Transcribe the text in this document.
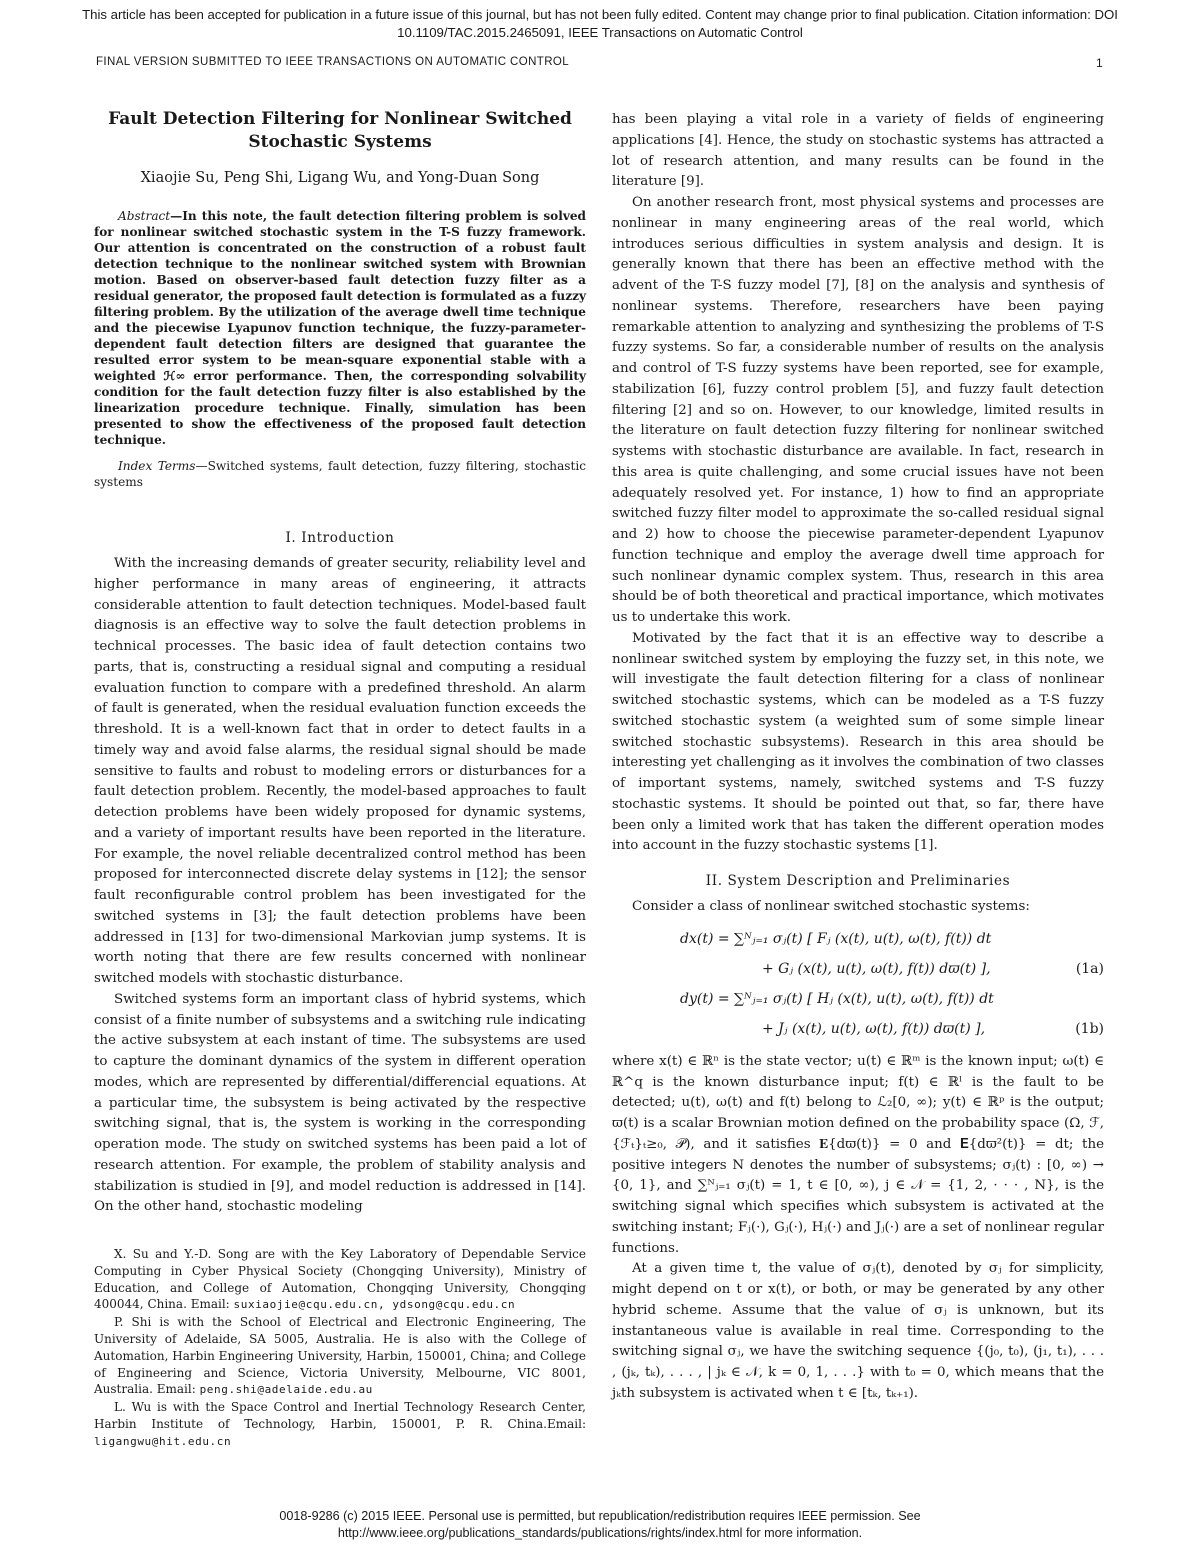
This article has been accepted for publication in a future issue of this journal, but has not been fully edited. Content may change prior to final publication. Citation information: DOI
10.1109/TAC.2015.2465091, IEEE Transactions on Automatic Control
FINAL VERSION SUBMITTED TO IEEE TRANSACTIONS ON AUTOMATIC CONTROL	1
Fault Detection Filtering for Nonlinear Switched
Stochastic Systems
Xiaojie Su, Peng Shi, Ligang Wu, and Yong-Duan Song

Abstract—In this note, the fault detection filtering problem is solved for nonlinear switched stochastic system in the T-S fuzzy framework. Our attention is concentrated on the construction of a robust fault detection technique to the nonlinear switched system with Brownian motion. Based on observer-based fault detection fuzzy filter as a residual generator, the proposed fault detection is formulated as a fuzzy filtering problem. By the utilization of the average dwell time technique and the piecewise Lyapunov function technique, the fuzzy-parameter-dependent fault detection filters are designed that guarantee the resulted error system to be mean-square exponential stable with a weighted ℋ∞ error performance. Then, the corresponding solvability condition for the fault detection fuzzy filter is also established by the linearization procedure technique. Finally, simulation has been presented to show the effectiveness of the proposed fault detection technique.

Index Terms—Switched systems, fault detection, fuzzy filtering, stochastic systems

I. Introduction

With the increasing demands of greater security, reliability level and higher performance in many areas of engineering, it attracts considerable attention to fault detection techniques. Model-based fault diagnosis is an effective way to solve the fault detection problems in technical processes. The basic idea of fault detection contains two parts, that is, constructing a residual signal and computing a residual evaluation function to compare with a predefined threshold. An alarm of fault is generated, when the residual evaluation function exceeds the threshold. It is a well-known fact that in order to detect faults in a timely way and avoid false alarms, the residual signal should be made sensitive to faults and robust to modeling errors or disturbances for a fault detection problem. Recently, the model-based approaches to fault detection problems have been widely proposed for dynamic systems, and a variety of important results have been reported in the literature. For example, the novel reliable decentralized control method has been proposed for interconnected discrete delay systems in [12]; the sensor fault reconfigurable control problem has been investigated for the switched systems in [3]; the fault detection problems have been addressed in [13] for two-dimensional Markovian jump systems. It is worth noting that there are few results concerned with nonlinear switched models with stochastic disturbance.

Switched systems form an important class of hybrid systems, which consist of a finite number of subsystems and a switching rule indicating the active subsystem at each instant of time. The subsystems are used to capture the dominant dynamics of the system in different operation modes, which are represented by differential/differencial equations. At a particular time, the subsystem is being activated by the respective switching signal, that is, the system is working in the corresponding operation mode. The study on switched systems has been paid a lot of research attention. For example, the problem of stability analysis and stabilization is studied in [9], and model reduction is addressed in [14]. On the other hand, stochastic modeling

X. Su and Y.-D. Song are with the Key Laboratory of Dependable Service Computing in Cyber Physical Society (Chongqing University), Ministry of Education, and College of Automation, Chongqing University, Chongqing 400044, China. Email: suxiaojie@cqu.edu.cn, ydsong@cqu.edu.cn

P. Shi is with the School of Electrical and Electronic Engineering, The University of Adelaide, SA 5005, Australia. He is also with the College of Automation, Harbin Engineering University, Harbin, 150001, China; and College of Engineering and Science, Victoria University, Melbourne, VIC 8001, Australia. Email: peng.shi@adelaide.edu.au

L. Wu is with the Space Control and Inertial Technology Research Center, Harbin Institute of Technology, Harbin, 150001, P. R. China.Email: ligangwu@hit.edu.cn

has been playing a vital role in a variety of fields of engineering applications [4]. Hence, the study on stochastic systems has attracted a lot of research attention, and many results can be found in the literature [9].

On another research front, most physical systems and processes are nonlinear in many engineering areas of the real world, which introduces serious difficulties in system analysis and design. It is generally known that there has been an effective method with the advent of the T-S fuzzy model [7], [8] on the analysis and synthesis of nonlinear systems. Therefore, researchers have been paying remarkable attention to analyzing and synthesizing the problems of T-S fuzzy systems. So far, a considerable number of results on the analysis and control of T-S fuzzy systems have been reported, see for example, stabilization [6], fuzzy control problem [5], and fuzzy fault detection filtering [2] and so on. However, to our knowledge, limited results in the literature on fault detection fuzzy filtering for nonlinear switched systems with stochastic disturbance are available. In fact, research in this area is quite challenging, and some crucial issues have not been adequately resolved yet. For instance, 1) how to find an appropriate switched fuzzy filter model to approximate the so-called residual signal and 2) how to choose the piecewise parameter-dependent Lyapunov function technique and employ the average dwell time approach for such nonlinear dynamic complex system. Thus, research in this area should be of both theoretical and practical importance, which motivates us to undertake this work.

Motivated by the fact that it is an effective way to describe a nonlinear switched system by employing the fuzzy set, in this note, we will investigate the fault detection filtering for a class of nonlinear switched stochastic systems, which can be modeled as a T-S fuzzy switched stochastic system (a weighted sum of some simple linear switched stochastic subsystems). Research in this area should be interesting yet challenging as it involves the combination of two classes of important systems, namely, switched systems and T-S fuzzy stochastic systems. It should be pointed out that, so far, there have been only a limited work that has taken the different operation modes into account in the fuzzy stochastic systems [1].

II. System Description and Preliminaries

Consider a class of nonlinear switched stochastic systems:

dx(t) = ∑ᴺⱼ₌₁ σⱼ(t) [ Fⱼ (x(t), u(t), ω(t), f(t)) dt
+ Gⱼ (x(t), u(t), ω(t), f(t)) dϖ(t) ],	(1a)
dy(t) = ∑ᴺⱼ₌₁ σⱼ(t) [ Hⱼ (x(t), u(t), ω(t), f(t)) dt
+ Jⱼ (x(t), u(t), ω(t), f(t)) dϖ(t) ],	(1b)

where x(t) ∈ ℝⁿ is the state vector; u(t) ∈ ℝᵐ is the known input; ω(t) ∈ ℝ^q is the known disturbance input; f(t) ∈ ℝˡ is the fault to be detected; u(t), ω(t) and f(t) belong to ℒ₂[0, ∞); y(t) ∈ ℝᵖ is the output; ϖ(t) is a scalar Brownian motion defined on the probability space (Ω, ℱ, {ℱₜ}ₜ≥₀, 𝒫), and it satisfies 𝐄{dϖ(t)} = 0 and 𝐄{dϖ²(t)} = dt; the positive integers N denotes the number of subsystems; σⱼ(t) : [0, ∞) → {0, 1}, and ∑ᴺⱼ₌₁ σⱼ(t) = 1, t ∈ [0, ∞), j ∈ 𝒩 = {1, 2, · · · , N}, is the switching signal which specifies which subsystem is activated at the switching instant; Fⱼ(·), Gⱼ(·), Hⱼ(·) and Jⱼ(·) are a set of nonlinear regular functions.

At a given time t, the value of σⱼ(t), denoted by σⱼ for simplicity, might depend on t or x(t), or both, or may be generated by any other hybrid scheme. Assume that the value of σⱼ is unknown, but its instantaneous value is available in real time. Corresponding to the switching signal σⱼ, we have the switching sequence {(j₀, t₀), (j₁, t₁), . . . , (jₖ, tₖ), . . . , | jₖ ∈ 𝒩, k = 0, 1, . . .} with t₀ = 0, which means that the jₖth subsystem is activated when t ∈ [tₖ, tₖ₊₁).

0018-9286 (c) 2015 IEEE. Personal use is permitted, but republication/redistribution requires IEEE permission. See
http://www.ieee.org/publications_standards/publications/rights/index.html for more information.
